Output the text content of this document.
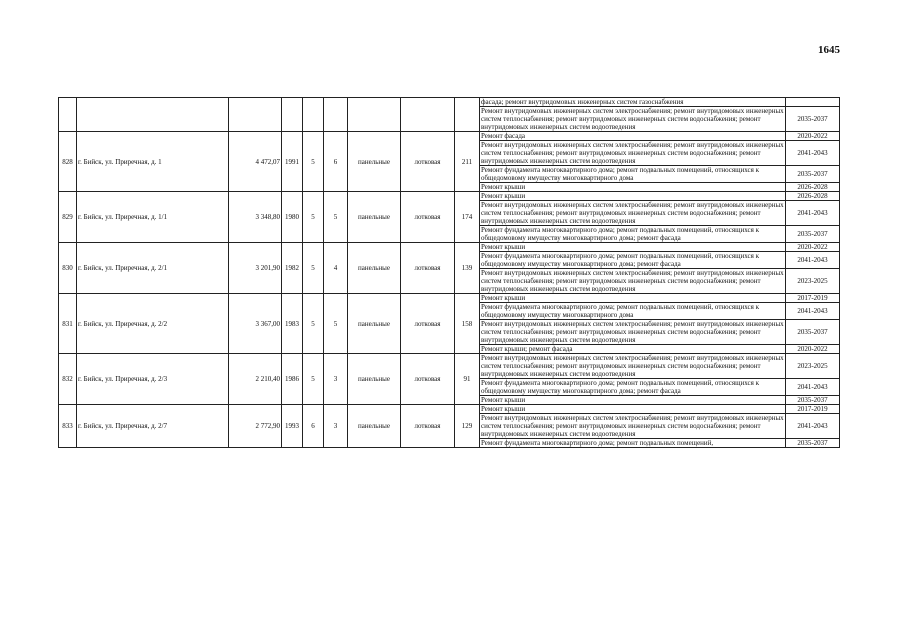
1645
									фасада; ремонт внутридомовых инженерных систем газоснабжения	
									Ремонт внутридомовых инженерных систем электроснабжения; ремонт внутридомовых инженерных систем теплоснабжения; ремонт внутридомовых инженерных систем водоснабжения; ремонт внутридомовых инженерных систем водоотведения	2035-2037
828	г. Бийск, ул. Приречная, д. 1	4 472,07	1991	5	6	панельные	лотковая	211	Ремонт фасада	2020-2022
									Ремонт внутридомовых инженерных систем электроснабжения; ремонт внутридомовых инженерных систем теплоснабжения; ремонт внутридомовых инженерных систем водоснабжения; ремонт внутридомовых инженерных систем водоотведения	2041-2043
									Ремонт фундамента многоквартирного дома; ремонт подвальных помещений, относящихся к общедомовому имуществу многоквартирного дома	2035-2037
									Ремонт крыши	2026-2028
829	г. Бийск, ул. Приречная, д. 1/1	3 348,80	1980	5	5	панельные	лотковая	174	Ремонт крыши	2026-2028
									Ремонт внутридомовых инженерных систем электроснабжения; ремонт внутридомовых инженерных систем теплоснабжения; ремонт внутридомовых инженерных систем водоснабжения; ремонт внутридомовых инженерных систем водоотведения	2041-2043
									Ремонт фундамента многоквартирного дома; ремонт подвальных помещений, относящихся к общедомовому имуществу многоквартирного дома; ремонт фасада	2035-2037
830	г. Бийск, ул. Приречная, д. 2/1	3 201,90	1982	5	4	панельные	лотковая	139	Ремонт крыши	2020-2022
									Ремонт фундамента многоквартирного дома; ремонт подвальных помещений, относящихся к общедомовому имуществу многоквартирного дома; ремонт фасада	2041-2043
									Ремонт внутридомовых инженерных систем электроснабжения; ремонт внутридомовых инженерных систем теплоснабжения; ремонт внутридомовых инженерных систем водоснабжения; ремонт внутридомовых инженерных систем водоотведения	2023-2025
831	г. Бийск, ул. Приречная, д. 2/2	3 367,00	1983	5	5	панельные	лотковая	158	Ремонт крыши	2017-2019
									Ремонт фундамента многоквартирного дома; ремонт подвальных помещений, относящихся к общедомовому имуществу многоквартирного дома	2041-2043
									Ремонт внутридомовых инженерных систем электроснабжения; ремонт внутридомовых инженерных систем теплоснабжения; ремонт внутридомовых инженерных систем водоснабжения; ремонт внутридомовых инженерных систем водоотведения	2035-2037
									Ремонт крыши; ремонт фасада	2020-2022
832	г. Бийск, ул. Приречная, д. 2/3	2 210,40	1986	5	3	панельные	лотковая	91	Ремонт внутридомовых инженерных систем электроснабжения; ремонт внутридомовых инженерных систем теплоснабжения; ремонт внутридомовых инженерных систем водоснабжения; ремонт внутридомовых инженерных систем водоотведения	2023-2025
									Ремонт фундамента многоквартирного дома; ремонт подвальных помещений, относящихся к общедомовому имуществу многоквартирного дома; ремонт фасада	2041-2043
									Ремонт крыши	2035-2037
833	г. Бийск, ул. Приречная, д. 2/7	2 772,90	1993	6	3	панельные	лотковая	129	Ремонт крыши	2017-2019
									Ремонт внутридомовых инженерных систем электроснабжения; ремонт внутридомовых инженерных систем теплоснабжения; ремонт внутридомовых инженерных систем водоснабжения; ремонт внутридомовых инженерных систем водоотведения	2041-2043
									Ремонт фундамента многоквартирного дома; ремонт подвальных помещений,	2035-2037
